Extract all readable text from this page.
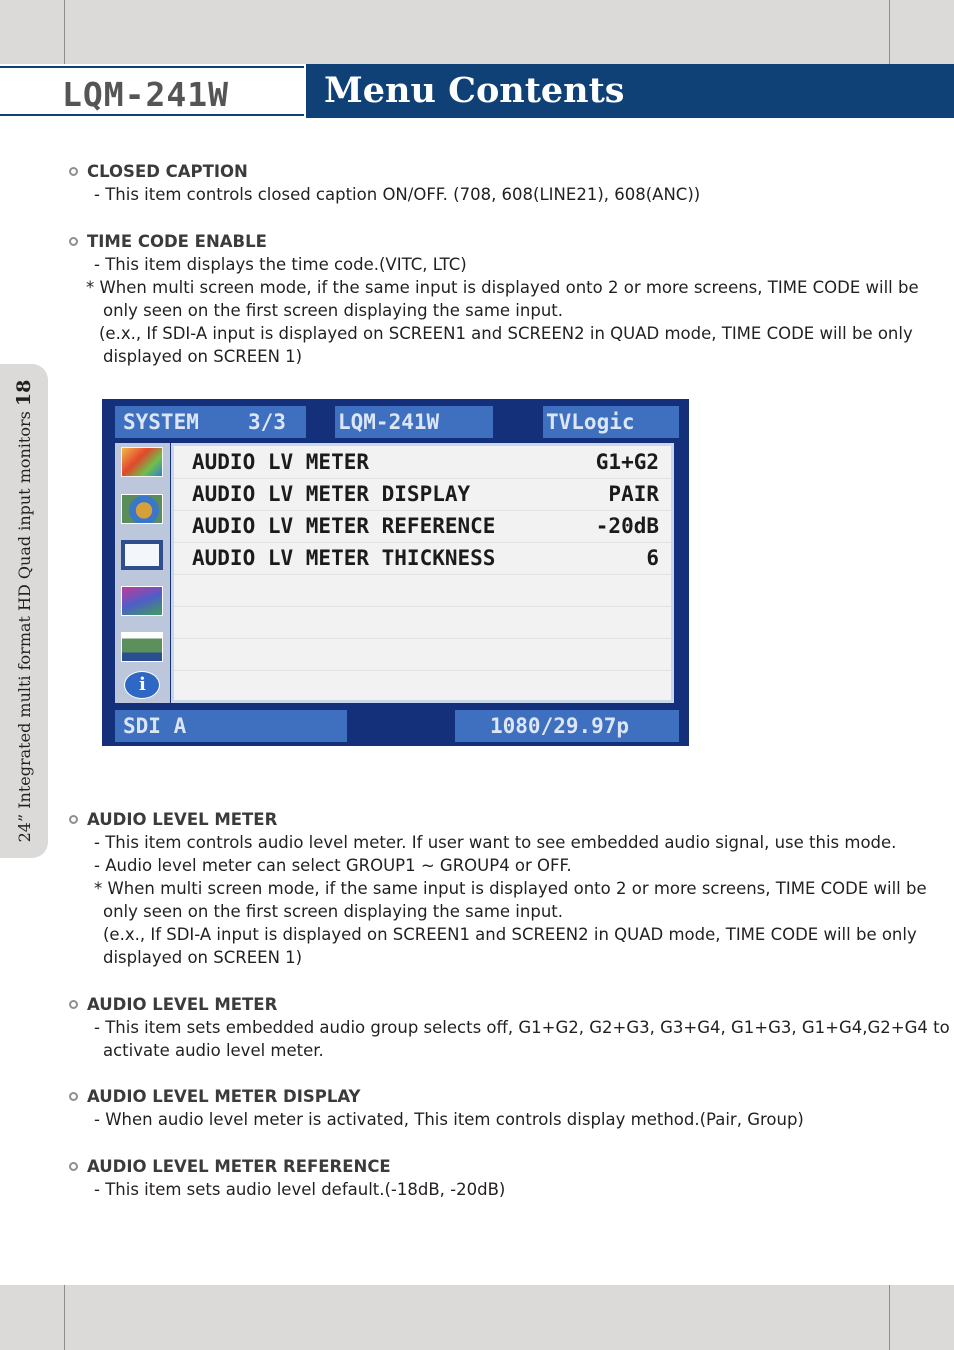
LQM-241W	Menu Contents
24” Integrated multi format HD Quad input monitors 18
CLOSED CAPTION
- This item controls closed caption ON/OFF. (708, 608(LINE21), 608(ANC))
TIME CODE ENABLE
- This item displays the time code.(VITC, LTC)
* When multi screen mode, if the same input is displayed onto 2 or more screens, TIME CODE will be
only seen on the first screen displaying the same input.
(e.x., If SDI-A input is displayed on SCREEN1 and SCREEN2 in QUAD mode, TIME CODE will be only
displayed on SCREEN 1)
SYSTEM 3/3 LQM-241W	TVLogic
i
AUDIO LV METER	G1+G2
AUDIO LV METER DISPLAY	PAIR
AUDIO LV METER REFERENCE	-20dB
AUDIO LV METER THICKNESS	6
SDI A	1080/29.97p
AUDIO LEVEL METER
- This item controls audio level meter. If user want to see embedded audio signal, use this mode.
- Audio level meter can select GROUP1 ~ GROUP4 or OFF.
* When multi screen mode, if the same input is displayed onto 2 or more screens, TIME CODE will be
only seen on the first screen displaying the same input.
(e.x., If SDI-A input is displayed on SCREEN1 and SCREEN2 in QUAD mode, TIME CODE will be only
displayed on SCREEN 1)
AUDIO LEVEL METER
- This item sets embedded audio group selects off, G1+G2, G2+G3, G3+G4, G1+G3, G1+G4,G2+G4 to
activate audio level meter.
AUDIO LEVEL METER DISPLAY
- When audio level meter is activated, This item controls display method.(Pair, Group)
AUDIO LEVEL METER REFERENCE
- This item sets audio level default.(-18dB, -20dB)
